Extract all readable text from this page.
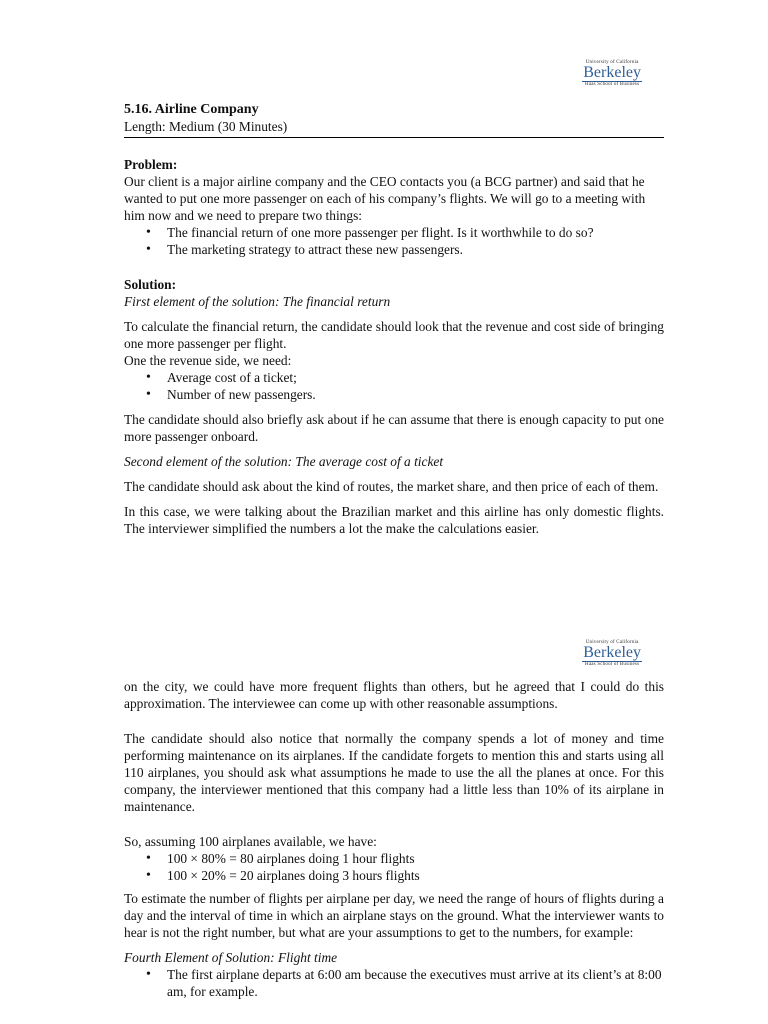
University of California
Berkeley
Haas School of Business

5.16. Airline Company

Length: Medium (30 Minutes)

Problem:

Our client is a major airline company and the CEO contacts you (a BCG partner) and said that he wanted to put one more passenger on each of his company’s flights. We will go to a meeting with him now and we need to prepare two things:

• The financial return of one more passenger per flight. Is it worthwhile to do so?
• The marketing strategy to attract these new passengers.

Solution:

First element of the solution: The financial return

To calculate the financial return, the candidate should look that the revenue and cost side of bringing one more passenger per flight.

One the revenue side, we need:

• Average cost of a ticket;
• Number of new passengers.

The candidate should also briefly ask about if he can assume that there is enough capacity to put one more passenger onboard.

Second element of the solution: The average cost of a ticket

The candidate should ask about the kind of routes, the market share, and then price of each of them.

In this case, we were talking about the Brazilian market and this airline has only domestic flights. The interviewer simplified the numbers a lot the make the calculations easier.

University of California
Berkeley
Haas School of Business

on the city, we could have more frequent flights than others, but he agreed that I could do this approximation. The interviewee can come up with other reasonable assumptions.

The candidate should also notice that normally the company spends a lot of money and time performing maintenance on its airplanes. If the candidate forgets to mention this and starts using all 110 airplanes, you should ask what assumptions he made to use the all the planes at once. For this company, the interviewer mentioned that this company had a little less than 10% of its airplane in maintenance.

So, assuming 100 airplanes available, we have:

• 100 × 80% = 80 airplanes doing 1 hour flights
• 100 × 20% = 20 airplanes doing 3 hours flights

To estimate the number of flights per airplane per day, we need the range of hours of flights during a day and the interval of time in which an airplane stays on the ground. What the interviewer wants to hear is not the right number, but what are your assumptions to get to the numbers, for example:

Fourth Element of Solution: Flight time

• The first airplane departs at 6:00 am because the executives must arrive at its client’s at 8:00 am, for example.
